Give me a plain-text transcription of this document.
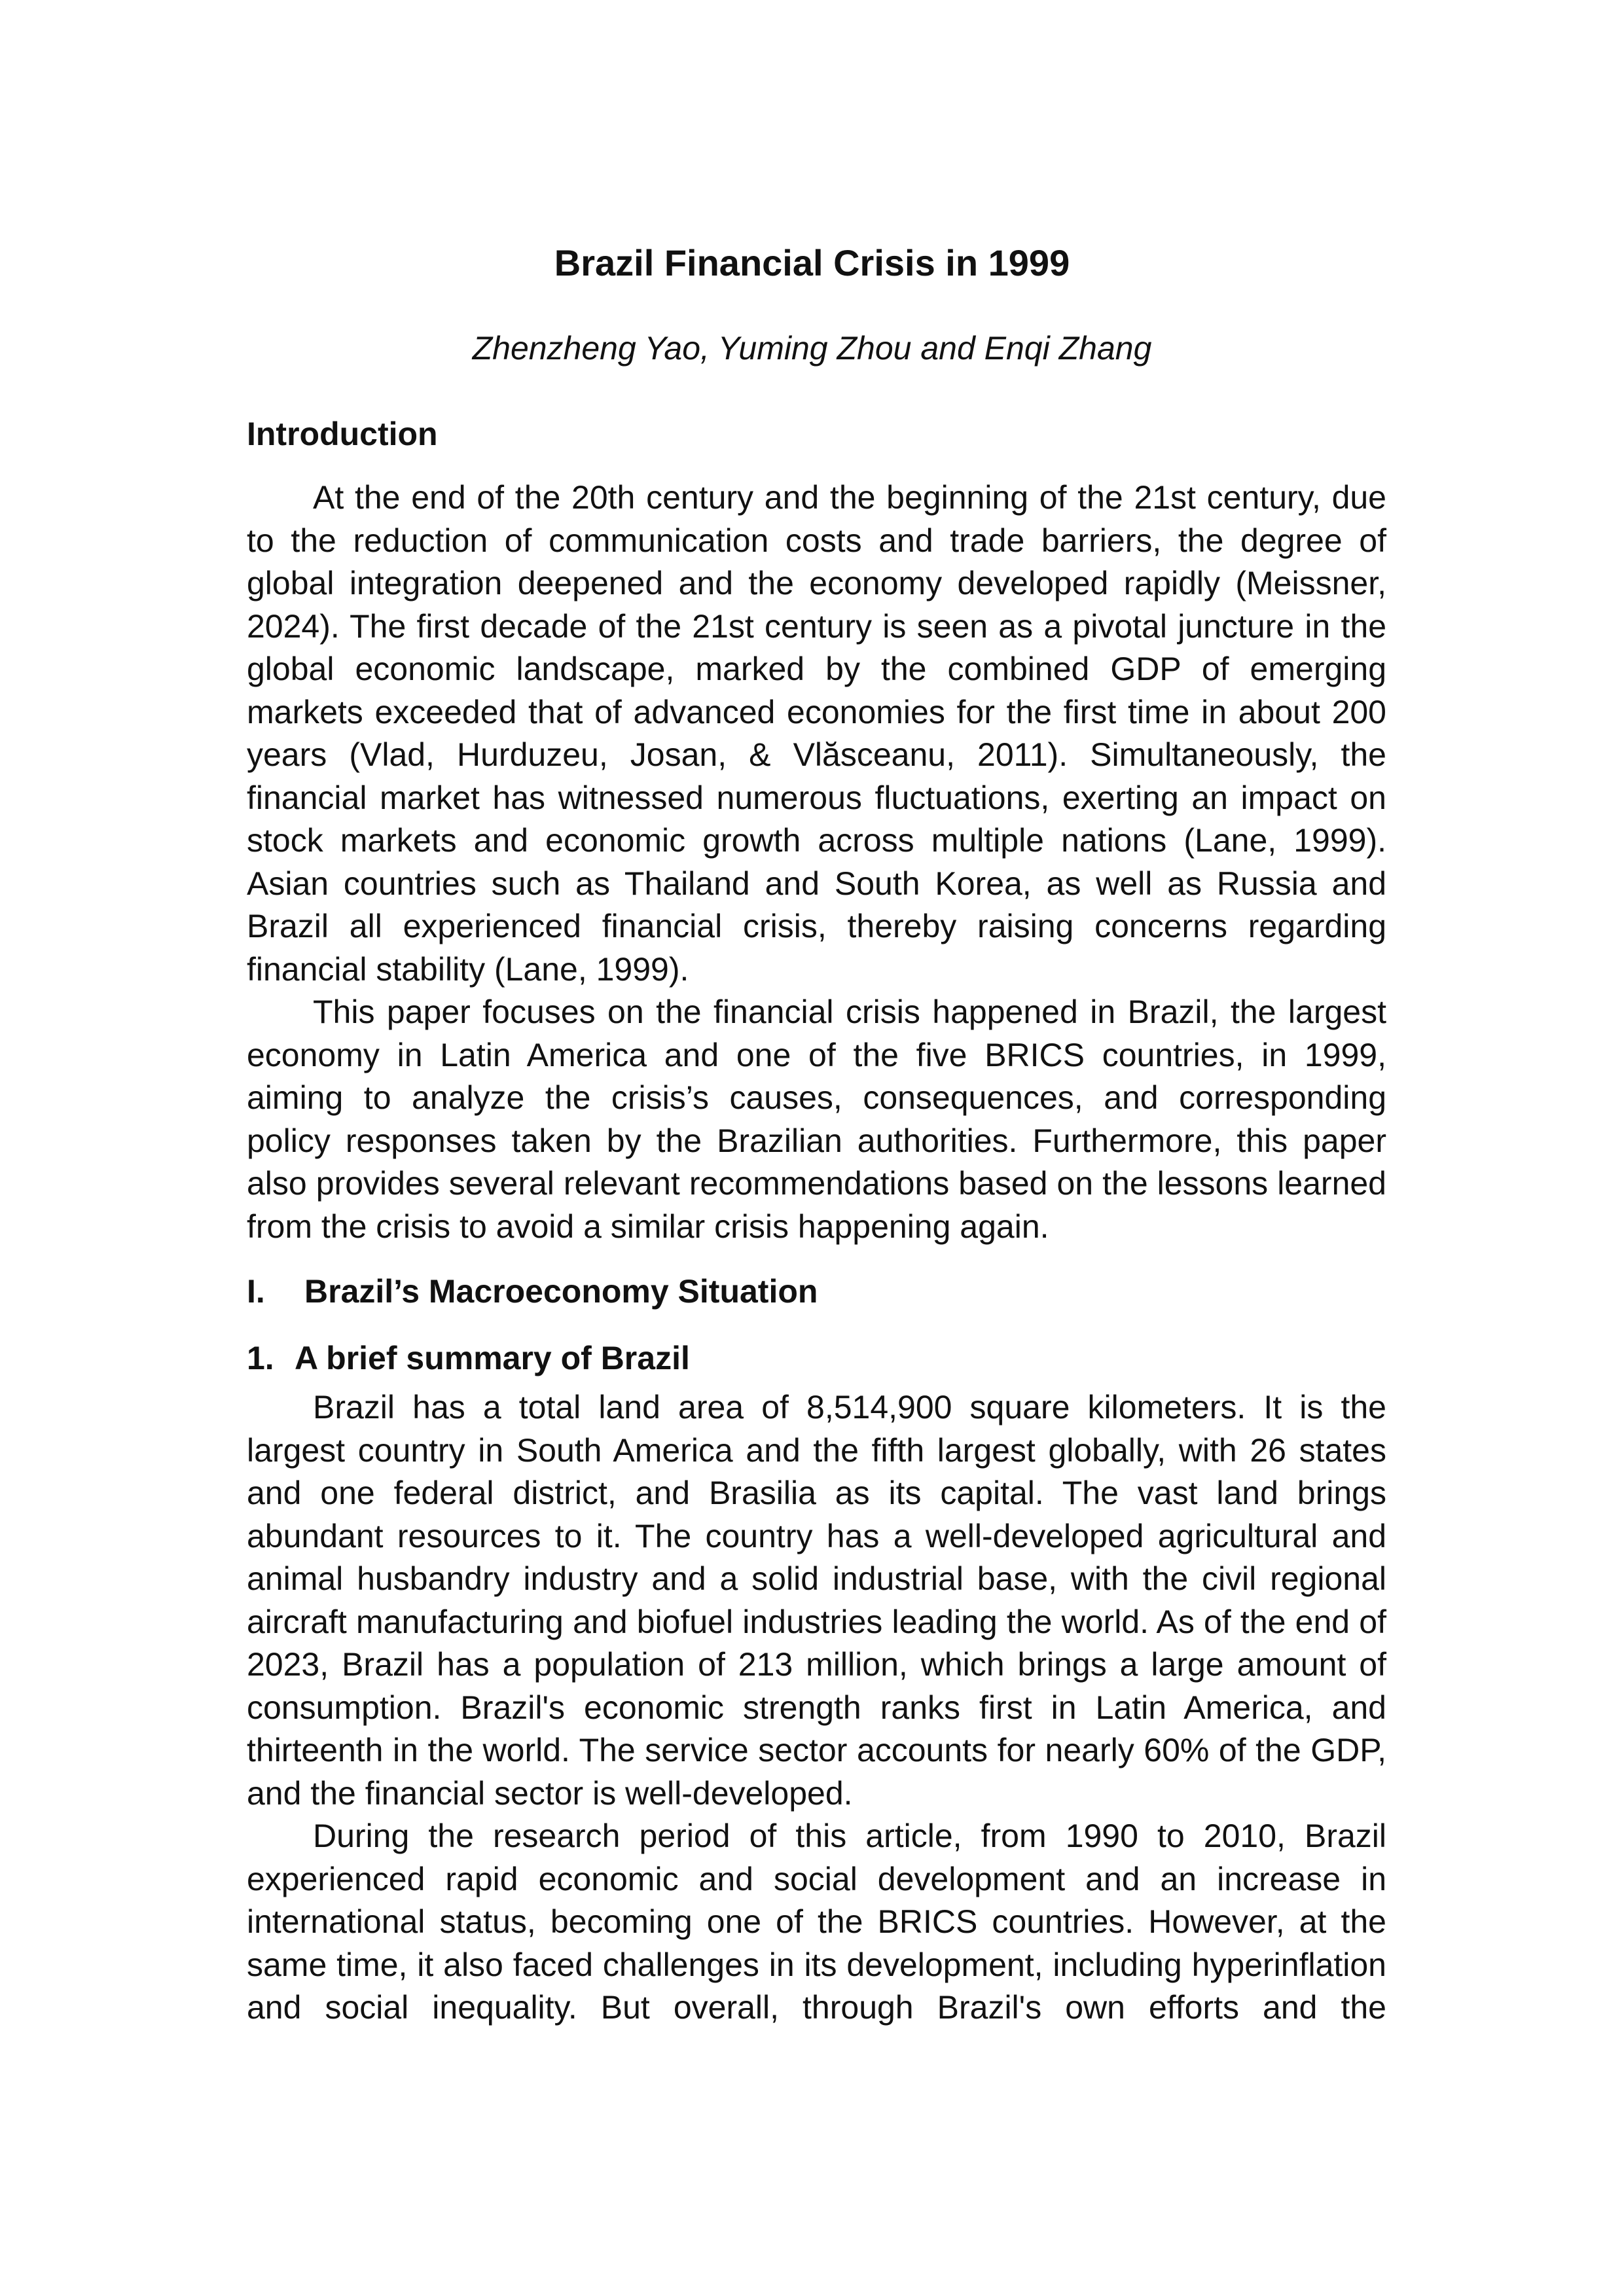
Brazil Financial Crisis in 1999
Zhenzheng Yao, Yuming Zhou and Enqi Zhang
Introduction

At the end of the 20th century and the beginning of the 21st century, due to the reduction of communication costs and trade barriers, the degree of global integration deepened and the economy developed rapidly (Meissner, 2024). The first decade of the 21st century is seen as a pivotal juncture in the global economic landscape, marked by the combined GDP of emerging markets exceeded that of advanced economies for the first time in about 200 years (Vlad, Hurduzeu, Josan, & Vlăsceanu, 2011). Simultaneously, the financial market has witnessed numerous fluctuations, exerting an impact on stock markets and economic growth across multiple nations (Lane, 1999). Asian countries such as Thailand and South Korea, as well as Russia and Brazil all experienced financial crisis, thereby raising concerns regarding financial stability (Lane, 1999).

This paper focuses on the financial crisis happened in Brazil, the largest economy in Latin America and one of the five BRICS countries, in 1999, aiming to analyze the crisis’s causes, consequences, and corresponding policy responses taken by the Brazilian authorities. Furthermore, this paper also provides several relevant recommendations based on the lessons learned from the crisis to avoid a similar crisis happening again.

I. Brazil’s Macroeconomy Situation
1. A brief summary of Brazil

Brazil has a total land area of 8,514,900 square kilometers. It is the largest country in South America and the fifth largest globally, with 26 states and one federal district, and Brasilia as its capital. The vast land brings abundant resources to it. The country has a well-developed agricultural and animal husbandry industry and a solid industrial base, with the civil regional aircraft manufacturing and biofuel industries leading the world. As of the end of 2023, Brazil has a population of 213 million, which brings a large amount of consumption. Brazil's economic strength ranks first in Latin America, and thirteenth in the world. The service sector accounts for nearly 60% of the GDP, and the financial sector is well-developed.

During the research period of this article, from 1990 to 2010, Brazil experienced rapid economic and social development and an increase in international status, becoming one of the BRICS countries. However, at the same time, it also faced challenges in its development, including hyperinflation and social inequality. But overall, through Brazil's own efforts and the
